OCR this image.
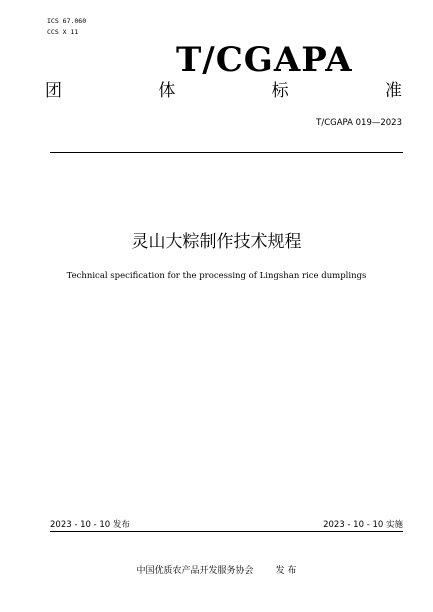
ICS 67.060
CCS X 11
T/CGAPA
团	体	标	准
T/CGAPA 019—2023
灵山大粽制作技术规程
Technical specification for the processing of Lingshan rice dumplings
2023 - 10 - 10 发布	2023 - 10 - 10 实施
中国优质农产品开发服务协会 发 布
